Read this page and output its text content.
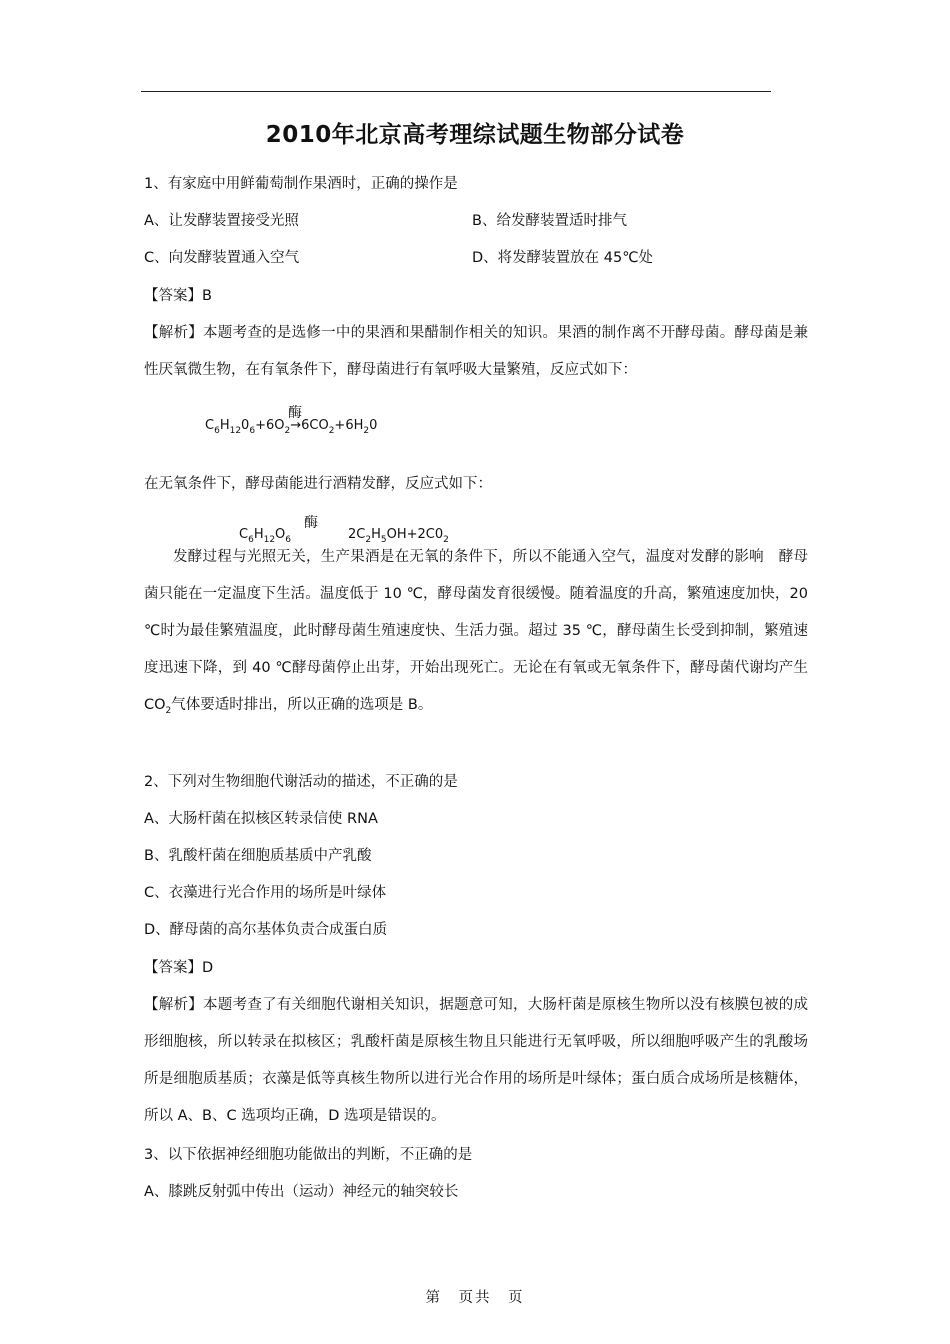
2010年北京高考理综试题生物部分试卷
1、有家庭中用鲜葡萄制作果酒时，正确的操作是
A、让发酵装置接受光照	B、给发酵装置适时排气
C、向发酵装置通入空气	D、将发酵装置放在 45℃处
【答案】B
【解析】本题考查的是选修一中的果酒和果醋制作相关的知识。果酒的制作离不开酵母菌。酵母菌是兼性厌氧微生物，在有氧条件下，酵母菌进行有氧呼吸大量繁殖，反应式如下：
酶
$C_6H_{12}0_6+6O_2\to 6CO_2+6H_20$
在无氧条件下，酵母菌能进行酒精发酵，反应式如下：
酶
$C_6H_{12}O_6$	$2C_2H_5OH+2C0_2$
发酵过程与光照无关，生产果酒是在无氧的条件下，所以不能通入空气，温度对发酵的影响　酵母菌只能在一定温度下生活。温度低于 10 ℃，酵母菌发育很缓慢。随着温度的升高，繁殖速度加快，20 ℃时为最佳繁殖温度，此时酵母菌生殖速度快、生活力强。超过 35 ℃，酵母菌生长受到抑制，繁殖速度迅速下降，到 40 ℃酵母菌停止出芽，开始出现死亡。无论在有氧或无氧条件下，酵母菌代谢均产生 $CO_2$气体要适时排出，所以正确的选项是 B。
2、下列对生物细胞代谢活动的描述，不正确的是
A、大肠杆菌在拟核区转录信使 RNA
B、乳酸杆菌在细胞质基质中产乳酸
C、衣藻进行光合作用的场所是叶绿体
D、酵母菌的高尔基体负责合成蛋白质
【答案】D
【解析】本题考查了有关细胞代谢相关知识，据题意可知，大肠杆菌是原核生物所以没有核膜包被的成形细胞核，所以转录在拟核区；乳酸杆菌是原核生物且只能进行无氧呼吸，所以细胞呼吸产生的乳酸场所是细胞质基质；衣藻是低等真核生物所以进行光合作用的场所是叶绿体；蛋白质合成场所是核糖体，所以 A、B、C 选项均正确，D 选项是错误的。
3、以下依据神经细胞功能做出的判断，不正确的是
A、膝跳反射弧中传出（运动）神经元的轴突较长
第　页共　页
